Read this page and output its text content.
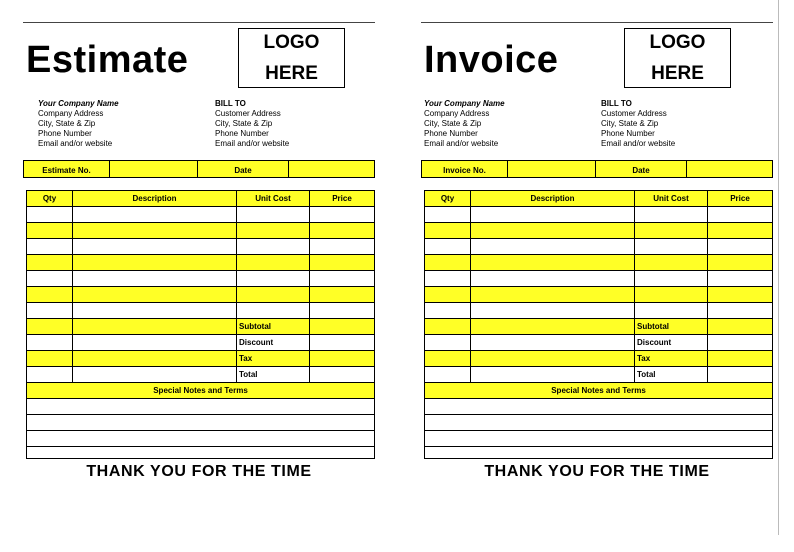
Estimate	LOGO
HERE
Your Company Name
Company Address
City, State & Zip
Phone Number
Email and/or website
BILL TO
Customer Address
City, State & Zip
Phone Number
Email and/or website
Estimate No.	Date
Qty	Description	Unit Cost	Price
Subtotal
Discount
Tax
Total
Special Notes and Terms
THANK YOU FOR THE TIME
Invoice	LOGO
HERE
Your Company Name
Company Address
City, State & Zip
Phone Number
Email and/or website
BILL TO
Customer Address
City, State & Zip
Phone Number
Email and/or website
Invoice No.	Date
Qty	Description	Unit Cost	Price
Subtotal
Discount
Tax
Total
Special Notes and Terms
THANK YOU FOR THE TIME
